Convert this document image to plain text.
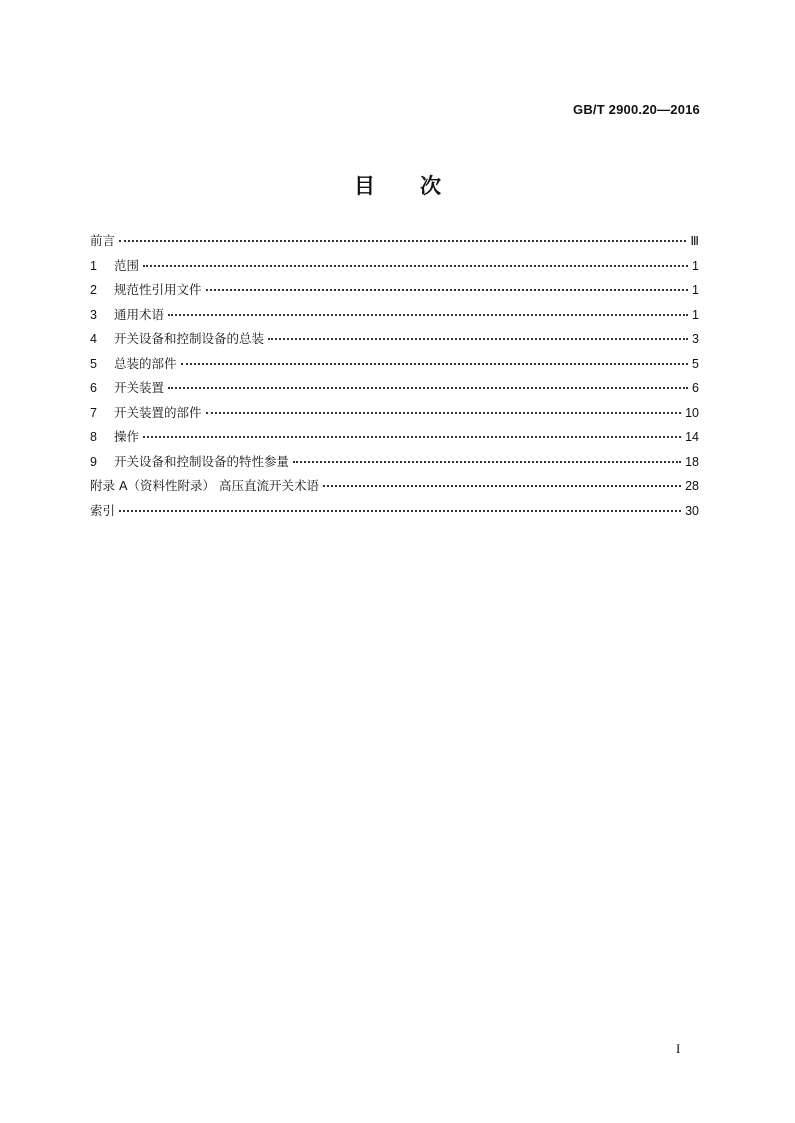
GB/T 2900.20—2016
目次
前言	Ⅲ
1	范围	1
2	规范性引用文件	1
3	通用术语	1
4	开关设备和控制设备的总装	3
5	总装的部件	5
6	开关装置	6
7	开关装置的部件	10
8	操作	14
9	开关设备和控制设备的特性参量	18
附录 A（资料性附录） 高压直流开关术语	28
索引	30
I
